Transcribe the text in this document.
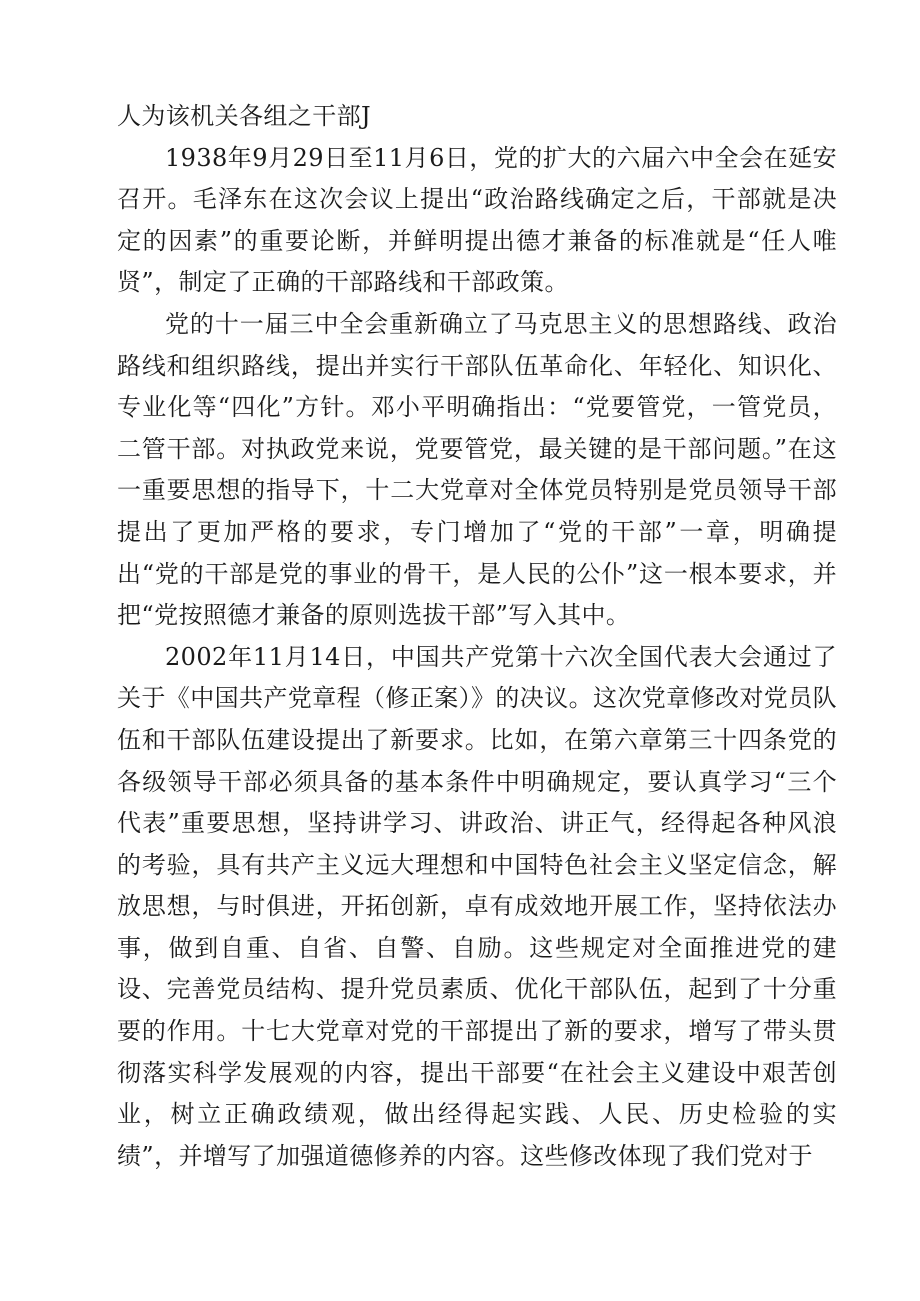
人为该机关各组之干部J

1938年9月29日至11月6日，党的扩大的六届六中全会在延安召开。毛泽东在这次会议上提出“政治路线确定之后，干部就是决定的因素”的重要论断，并鲜明提出德才兼备的标准就是“任人唯贤”，制定了正确的干部路线和干部政策。

党的十一届三中全会重新确立了马克思主义的思想路线、政治路线和组织路线，提出并实行干部队伍革命化、年轻化、知识化、专业化等“四化”方针。邓小平明确指出：“党要管党，一管党员，二管干部。对执政党来说，党要管党，最关键的是干部问题。”在这一重要思想的指导下，十二大党章对全体党员特别是党员领导干部提出了更加严格的要求，专门增加了“党的干部”一章，明确提出“党的干部是党的事业的骨干，是人民的公仆”这一根本要求，并把“党按照德才兼备的原则选拔干部”写入其中。

2002年11月14日，中国共产党第十六次全国代表大会通过了关于《中国共产党章程（修正案）》的决议。这次党章修改对党员队伍和干部队伍建设提出了新要求。比如，在第六章第三十四条党的各级领导干部必须具备的基本条件中明确规定，要认真学习“三个代表”重要思想，坚持讲学习、讲政治、讲正气，经得起各种风浪的考验，具有共产主义远大理想和中国特色社会主义坚定信念，解放思想，与时俱进，开拓创新，卓有成效地开展工作，坚持依法办事，做到自重、自省、自警、自励。这些规定对全面推进党的建设、完善党员结构、提升党员素质、优化干部队伍，起到了十分重要的作用。十七大党章对党的干部提出了新的要求，增写了带头贯彻落实科学发展观的内容，提出干部要“在社会主义建设中艰苦创业，树立正确政绩观，做出经得起实践、人民、历史检验的实绩”，并增写了加强道德修养的内容。这些修改体现了我们党对于
